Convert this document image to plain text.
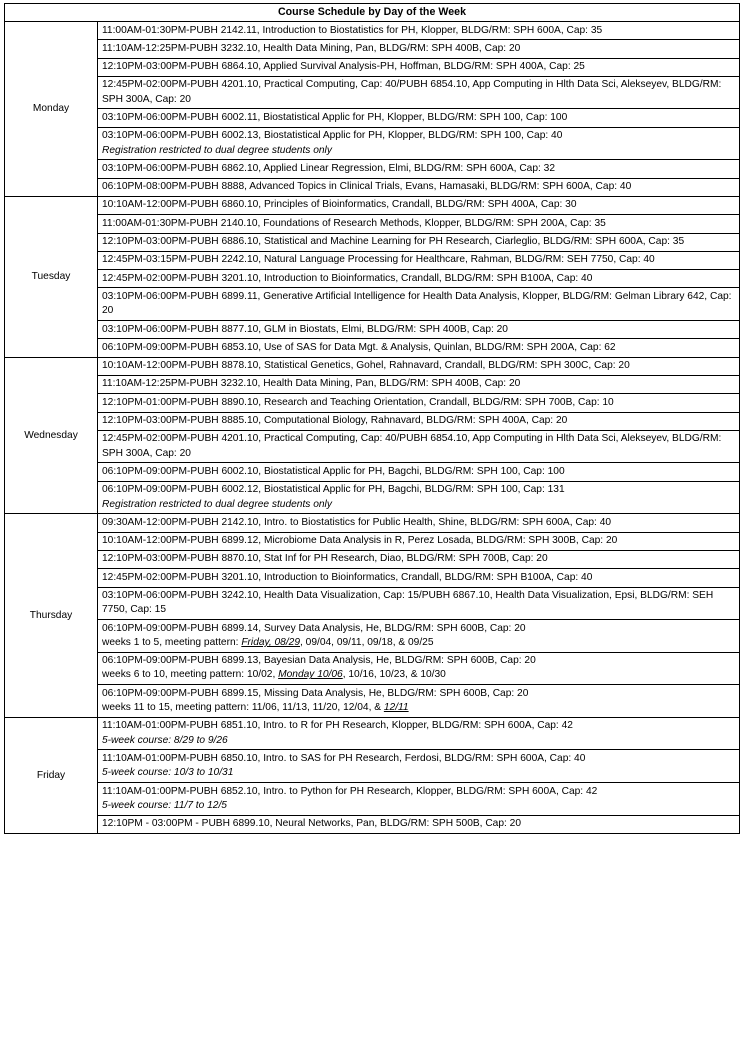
Course Schedule by Day of the Week	
Monday	11:00AM-01:30PM-PUBH 2142.11, Introduction to Biostatistics for PH, Klopper, BLDG/RM: SPH 600A, Cap: 35

	11:10AM-12:25PM-PUBH 3232.10, Health Data Mining, Pan, BLDG/RM: SPH 400B, Cap: 20

	12:10PM-03:00PM-PUBH 6864.10, Applied Survival Analysis-PH, Hoffman, BLDG/RM: SPH 400A, Cap: 25

	12:45PM-02:00PM-PUBH 4201.10, Practical Computing, Cap: 40/PUBH 6854.10, App Computing in Hlth Data Sci, Alekseyev, BLDG/RM: SPH 300A, Cap: 20

	03:10PM-06:00PM-PUBH 6002.11, Biostatistical Applic for PH, Klopper, BLDG/RM: SPH 100, Cap: 100

	03:10PM-06:00PM-PUBH 6002.13, Biostatistical Applic for PH, Klopper, BLDG/RM: SPH 100, Cap: 40
Registration restricted to dual degree students only

	03:10PM-06:00PM-PUBH 6862.10, Applied Linear Regression, Elmi, BLDG/RM: SPH 600A, Cap: 32

	06:10PM-08:00PM-PUBH 8888, Advanced Topics in Clinical Trials, Evans, Hamasaki, BLDG/RM: SPH 600A, Cap: 40

Tuesday	10:10AM-12:00PM-PUBH 6860.10, Principles of Bioinformatics, Crandall, BLDG/RM: SPH 400A, Cap: 30

	11:00AM-01:30PM-PUBH 2140.10, Foundations of Research Methods, Klopper, BLDG/RM: SPH 200A, Cap: 35

	12:10PM-03:00PM-PUBH 6886.10, Statistical and Machine Learning for PH Research, Ciarleglio, BLDG/RM: SPH 600A, Cap: 35

	12:45PM-03:15PM-PUBH 2242.10, Natural Language Processing for Healthcare, Rahman, BLDG/RM: SEH 7750, Cap: 40

	12:45PM-02:00PM-PUBH 3201.10, Introduction to Bioinformatics, Crandall, BLDG/RM: SPH B100A, Cap: 40

	03:10PM-06:00PM-PUBH 6899.11, Generative Artificial Intelligence for Health Data Analysis, Klopper, BLDG/RM: Gelman Library 642, Cap: 20

	03:10PM-06:00PM-PUBH 8877.10, GLM in Biostats, Elmi, BLDG/RM: SPH 400B, Cap: 20

	06:10PM-09:00PM-PUBH 6853.10, Use of SAS for Data Mgt. & Analysis, Quinlan, BLDG/RM: SPH 200A, Cap: 62

Wednesday	10:10AM-12:00PM-PUBH 8878.10, Statistical Genetics, Gohel, Rahnavard, Crandall, BLDG/RM: SPH 300C, Cap: 20

	11:10AM-12:25PM-PUBH 3232.10, Health Data Mining, Pan, BLDG/RM: SPH 400B, Cap: 20

	12:10PM-01:00PM-PUBH 8890.10, Research and Teaching Orientation, Crandall, BLDG/RM: SPH 700B, Cap: 10

	12:10PM-03:00PM-PUBH 8885.10, Computational Biology, Rahnavard, BLDG/RM: SPH 400A, Cap: 20

	12:45PM-02:00PM-PUBH 4201.10, Practical Computing, Cap: 40/PUBH 6854.10, App Computing in Hlth Data Sci, Alekseyev, BLDG/RM: SPH 300A, Cap: 20

	06:10PM-09:00PM-PUBH 6002.10, Biostatistical Applic for PH, Bagchi, BLDG/RM: SPH 100, Cap: 100

	06:10PM-09:00PM-PUBH 6002.12, Biostatistical Applic for PH, Bagchi, BLDG/RM: SPH 100, Cap: 131
Registration restricted to dual degree students only

Thursday	09:30AM-12:00PM-PUBH 2142.10, Intro. to Biostatistics for Public Health, Shine, BLDG/RM: SPH 600A, Cap: 40

	10:10AM-12:00PM-PUBH 6899.12, Microbiome Data Analysis in R, Perez Losada, BLDG/RM: SPH 300B, Cap: 20

	12:10PM-03:00PM-PUBH 8870.10, Stat Inf for PH Research, Diao, BLDG/RM: SPH 700B, Cap: 20

	12:45PM-02:00PM-PUBH 3201.10, Introduction to Bioinformatics, Crandall, BLDG/RM: SPH B100A, Cap: 40

	03:10PM-06:00PM-PUBH 3242.10, Health Data Visualization, Cap: 15/PUBH 6867.10, Health Data Visualization, Epsi, BLDG/RM: SEH 7750, Cap: 15

	06:10PM-09:00PM-PUBH 6899.14, Survey Data Analysis, He, BLDG/RM: SPH 600B, Cap: 20
weeks 1 to 5, meeting pattern: Friday, 08/29, 09/04, 09/11, 09/18, & 09/25

	06:10PM-09:00PM-PUBH 6899.13, Bayesian Data Analysis, He, BLDG/RM: SPH 600B, Cap: 20
weeks 6 to 10, meeting pattern: 10/02, Monday 10/06, 10/16, 10/23, & 10/30

	06:10PM-09:00PM-PUBH 6899.15, Missing Data Analysis, He, BLDG/RM: SPH 600B, Cap: 20
weeks 11 to 15, meeting pattern: 11/06, 11/13, 11/20, 12/04, & 12/11

Friday	11:10AM-01:00PM-PUBH 6851.10, Intro. to R for PH Research, Klopper, BLDG/RM: SPH 600A, Cap: 42
5-week course: 8/29 to 9/26

	11:10AM-01:00PM-PUBH 6850.10, Intro. to SAS for PH Research, Ferdosi, BLDG/RM: SPH 600A, Cap: 40
5-week course: 10/3 to 10/31

	11:10AM-01:00PM-PUBH 6852.10, Intro. to Python for PH Research, Klopper, BLDG/RM: SPH 600A, Cap: 42
5-week course: 11/7 to 12/5

	12:10PM - 03:00PM - PUBH 6899.10, Neural Networks, Pan, BLDG/RM: SPH 500B, Cap: 20
